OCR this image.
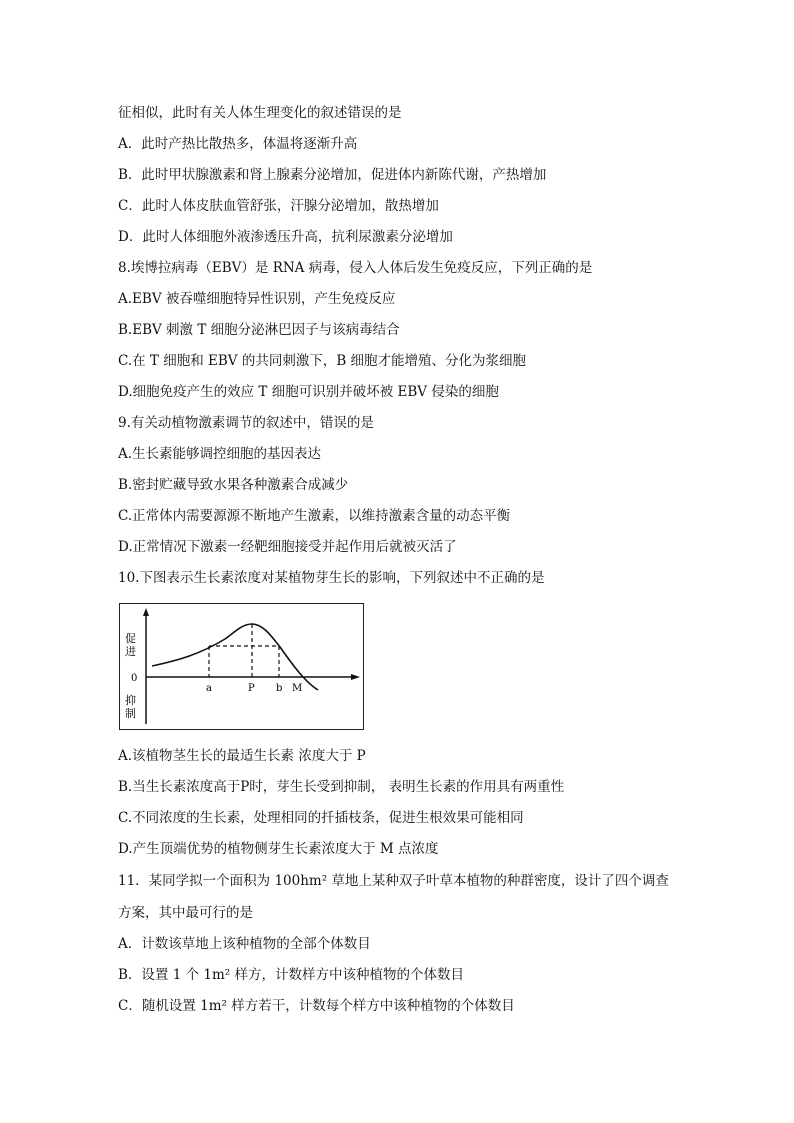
征相似，此时有关人体生理变化的叙述错误的是
A．此时产热比散热多，体温将逐渐升高
B．此时甲状腺激素和肾上腺素分泌增加，促进体内新陈代谢，产热增加
C．此时人体皮肤血管舒张，汗腺分泌增加，散热增加
D．此时人体细胞外液渗透压升高，抗利尿激素分泌增加
8.埃博拉病毒（EBV）是 RNA 病毒，侵入人体后发生免疫反应，下列正确的是
A.EBV 被吞噬细胞特异性识别，产生免疫反应
B.EBV 刺激 T 细胞分泌淋巴因子与该病毒结合
C.在 T 细胞和 EBV 的共同刺激下，B 细胞才能增殖、分化为浆细胞
D.细胞免疫产生的效应 T 细胞可识别并破坏被 EBV 侵染的细胞
9.有关动植物激素调节的叙述中，错误的是
A.生长素能够调控细胞的基因表达
B.密封贮藏导致水果各种激素合成减少
C.正常体内需要源源不断地产生激素，以维持激素含量的动态平衡
D.正常情况下激素一经靶细胞接受并起作用后就被灭活了
10.下图表示生长素浓度对某植物芽生长的影响，下列叙述中不正确的是
促
进
0
抑
制
a	P b M
A.该植物茎生长的最适生长素 浓度大于 P
B.当生长素浓度高于P时，芽生长受到抑制， 表明生长素的作用具有两重性
C.不同浓度的生长素，处理相同的扦插枝条，促进生根效果可能相同
D.产生顶端优势的植物侧芽生长素浓度大于 M 点浓度
11．某同学拟一个面积为 100hm² 草地上某种双子叶草本植物的种群密度，设计了四个调查
方案，其中最可行的是
A．计数该草地上该种植物的全部个体数目
B．设置 1 个 1m² 样方，计数样方中该种植物的个体数目
C．随机设置 1m² 样方若干，计数每个样方中该种植物的个体数目
